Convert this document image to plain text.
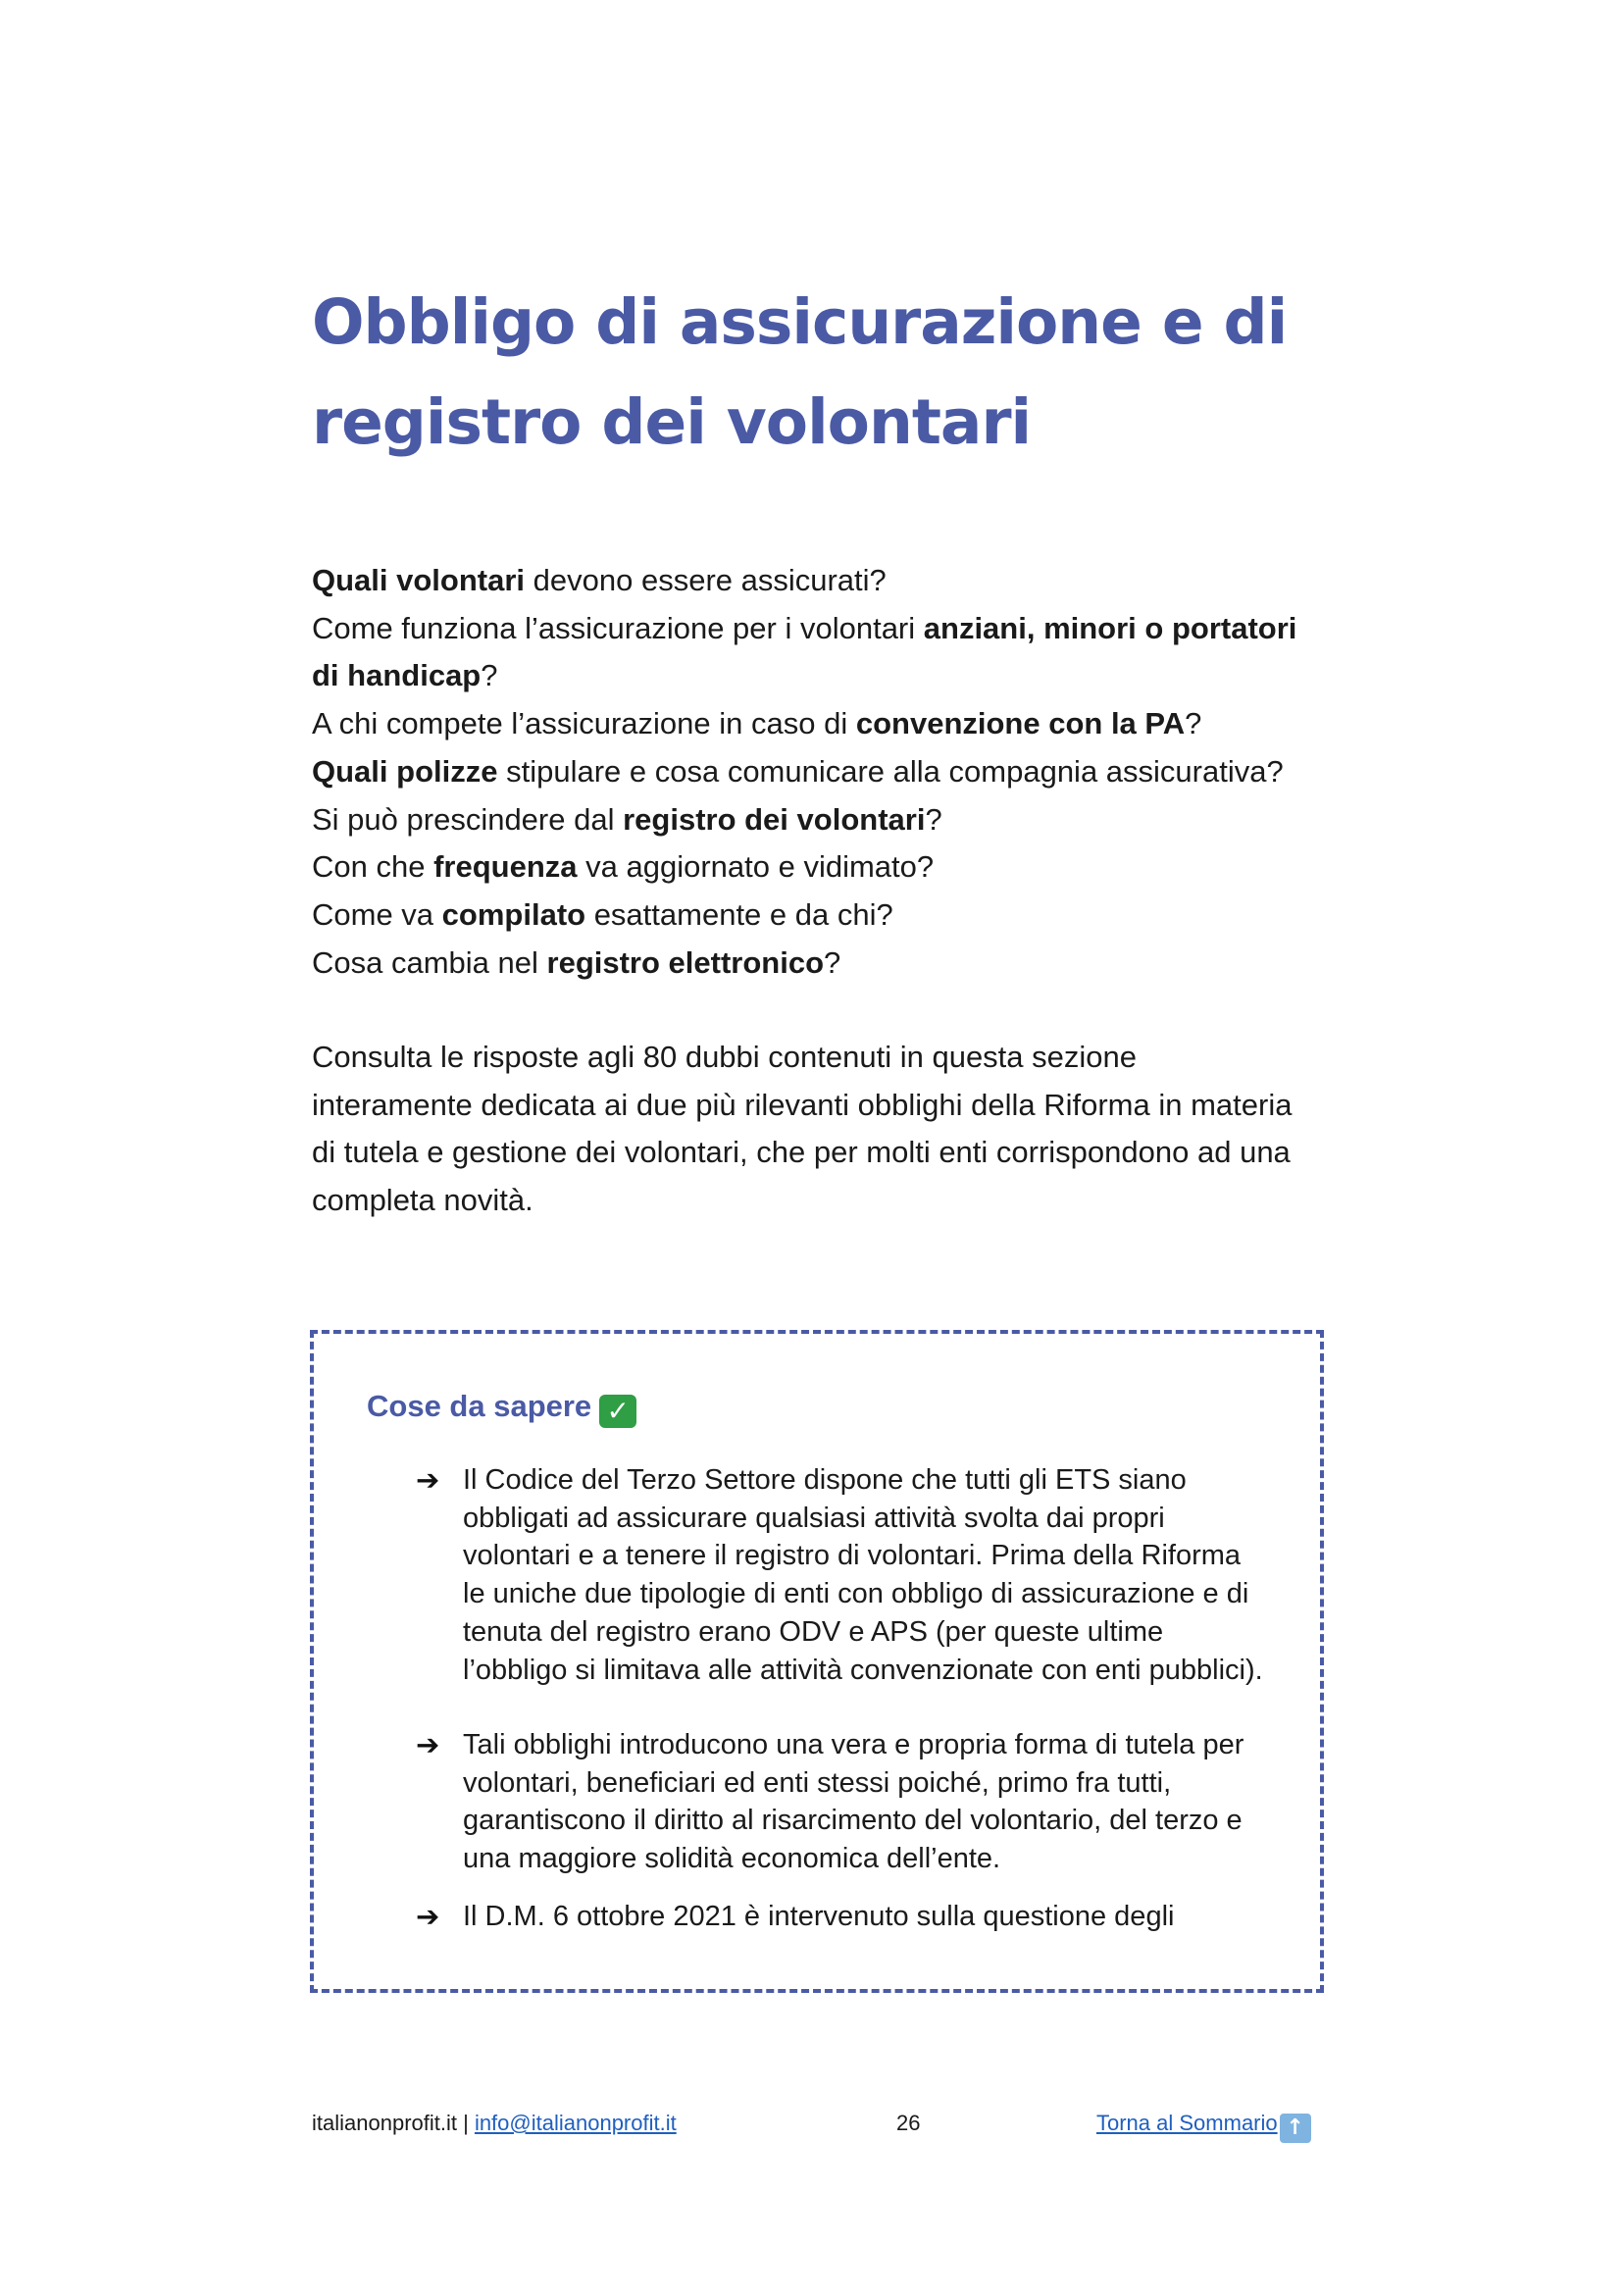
Obbligo di assicurazione e di
registro dei volontari
Quali volontari devono essere assicurati?
Come funziona l’assicurazione per i volontari anziani, minori o portatori
di handicap?
A chi compete l’assicurazione in caso di convenzione con la PA?
Quali polizze stipulare e cosa comunicare alla compagnia assicurativa?
Si può prescindere dal registro dei volontari?
Con che frequenza va aggiornato e vidimato?
Come va compilato esattamente e da chi?
Cosa cambia nel registro elettronico?

Consulta le risposte agli 80 dubbi contenuti in questa sezione interamente dedicata ai due più rilevanti obblighi della Riforma in materia di tutela e gestione dei volontari, che per molti enti corrispondono ad una completa novità.

Cose da sapere ✓
➔ Il Codice del Terzo Settore dispone che tutti gli ETS siano obbligati ad assicurare qualsiasi attività svolta dai propri volontari e a tenere il registro di volontari. Prima della Riforma le uniche due tipologie di enti con obbligo di assicurazione e di tenuta del registro erano ODV e APS (per queste ultime l’obbligo si limitava alle attività convenzionate con enti pubblici).

➔ Tali obblighi introducono una vera e propria forma di tutela per volontari, beneficiari ed enti stessi poiché, primo fra tutti, garantiscono il diritto al risarcimento del volontario, del terzo e una maggiore solidità economica dell’ente.

➔ Il D.M. 6 ottobre 2021 è intervenuto sulla questione degli

italianonprofit.it | info@italianonprofit.it	26	Torna al Sommario ↑
